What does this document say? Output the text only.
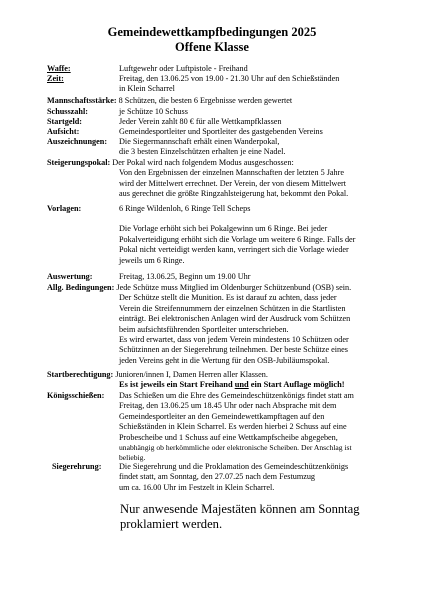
Gemeindewettkampfbedingungen 2025
Offene Klasse
Waffe:	Luftgewehr oder Luftpistole - Freihand
Zeit:	Freitag, den 13.06.25 von 19.00 - 21.30 Uhr auf den Schießständen
in Klein Scharrel
Mannschaftsstärke: 8 Schützen, die besten 6 Ergebnisse werden gewertet
Schusszahl:	je Schütze 10 Schuss
Startgeld:	Jeder Verein zahlt 80 € für alle Wettkampfklassen
Aufsicht:	Gemeindesportleiter und Sportleiter des gastgebenden Vereins
Auszeichnungen: Die Siegermannschaft erhält einen Wanderpokal,
die 3 besten Einzelschützen erhalten je eine Nadel.
Steigerungspokal: Der Pokal wird nach folgendem Modus ausgeschossen:
Von den Ergebnissen der einzelnen Mannschaften der letzten 5 Jahre
wird der Mittelwert errechnet. Der Verein, der von diesem Mittelwert
aus gerechnet die größte Ringzahlsteigerung hat, bekommt den Pokal.
Vorlagen:	6 Ringe Wildenloh, 6 Ringe Tell Scheps
Die Vorlage erhöht sich bei Pokalgewinn um 6 Ringe. Bei jeder
Pokalverteidigung erhöht sich die Vorlage um weitere 6 Ringe. Falls der
Pokal nicht verteidigt werden kann, verringert sich die Vorlage wieder
jeweils um 6 Ringe.
Auswertung:	Freitag, 13.06.25, Beginn um 19.00 Uhr
Allg. Bedingungen: Jede Schütze muss Mitglied im Oldenburger Schützenbund (OSB) sein.
Der Schütze stellt die Munition. Es ist darauf zu achten, dass jeder
Verein die Streifennummern der einzelnen Schützen in die Startlisten
einträgt. Bei elektronischen Anlagen wird der Ausdruck vom Schützen
beim aufsichtsführenden Sportleiter unterschrieben.
Es wird erwartet, dass von jedem Verein mindestens 10 Schützen oder
Schützinnen an der Siegerehrung teilnehmen. Der beste Schütze eines
jeden Vereins geht in die Wertung für den OSB-Jubiläumspokal.
Startberechtigung: Junioren/innen I, Damen Herren aller Klassen.
Es ist jeweils ein Start Freihand und ein Start Auflage möglich!
Königsschießen: Das Schießen um die Ehre des Gemeindeschützenkönigs findet statt am
Freitag, den 13.06.25 um 18.45 Uhr oder nach Absprache mit dem
Gemeindesportleiter an den Gemeindewettkampftagen auf den
Schießständen in Klein Scharrel. Es werden hierbei 2 Schuss auf eine
Probescheibe und 1 Schuss auf eine Wettkampfscheibe abgegeben,
unabhängig ob herkömmliche oder elektronische Scheiben. Der Anschlag ist
beliebig.
Siegerehrung: Die Siegerehrung und die Proklamation des Gemeindeschützenkönigs
findet statt, am Sonntag, den 27.07.25 nach dem Festumzug
um ca. 16.00 Uhr im Festzelt in Klein Scharrel.
Nur anwesende Majestäten können am Sonntag
proklamiert werden.
